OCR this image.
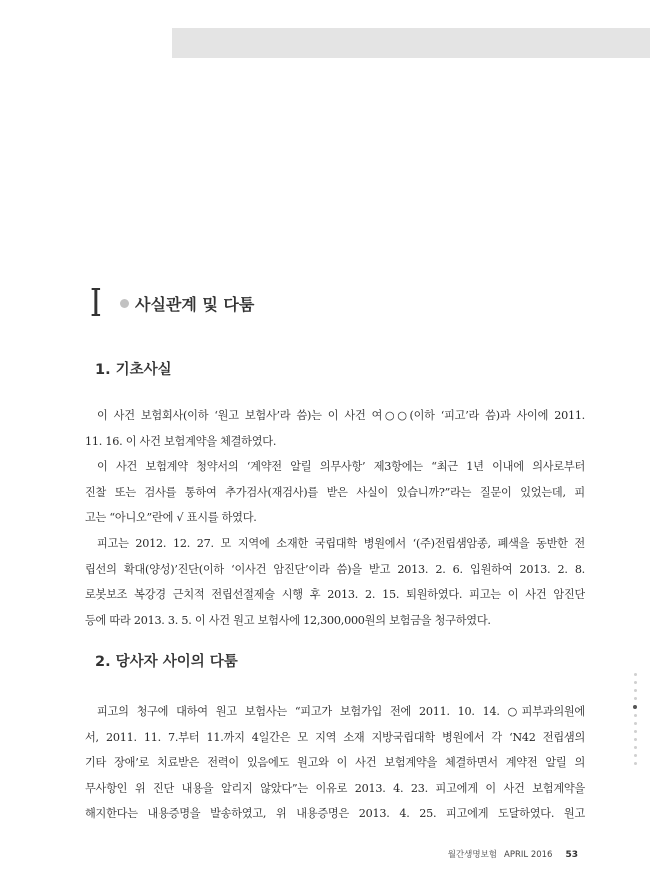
I	사실관계 및 다툼
1. 기초사실
이 사건 보험회사(이하 ‘원고 보험사’라 씀)는 이 사건 여○○(이하 ‘피고’라 씀)과 사이에 2011.
11. 16. 이 사건 보험계약을 체결하였다.
이 사건 보험계약 청약서의 ‘계약전 알릴 의무사항’ 제3항에는 “최근 1년 이내에 의사로부터
진찰 또는 검사를 통하여 추가검사(재검사)를 받은 사실이 있습니까?”라는 질문이 있었는데, 피
고는 “아니오”란에 √ 표시를 하였다.
피고는 2012. 12. 27. 모 지역에 소재한 국립대학 병원에서 ‘(주)전립샘암종, 폐색을 동반한 전
립선의 확대(양성)’진단(이하 ‘이사건 암진단’이라 씀)을 받고 2013. 2. 6. 입원하여 2013. 2. 8.
로봇보조 복강경 근치적 전립선절제술 시행 후 2013. 2. 15. 퇴원하였다. 피고는 이 사건 암진단
등에 따라 2013. 3. 5. 이 사건 원고 보험사에 12,300,000원의 보험금을 청구하였다.
2. 당사자 사이의 다툼
피고의 청구에 대하여 원고 보험사는 “피고가 보험가입 전에 2011. 10. 14. ○피부과의원에
서, 2011. 11. 7.부터 11.까지 4일간은 모 지역 소재 지방국립대학 병원에서 각 ‘N42 전립샘의
기타 장애’로 치료받은 전력이 있음에도 원고와 이 사건 보험계약을 체결하면서 계약전 알릴 의
무사항인 위 진단 내용을 알리지 않았다”는 이유로 2013. 4. 23. 피고에게 이 사건 보험계약을
해지한다는 내용증명을 발송하였고, 위 내용증명은 2013. 4. 25. 피고에게 도달하였다. 원고
월간생명보험 APRIL 2016 53
